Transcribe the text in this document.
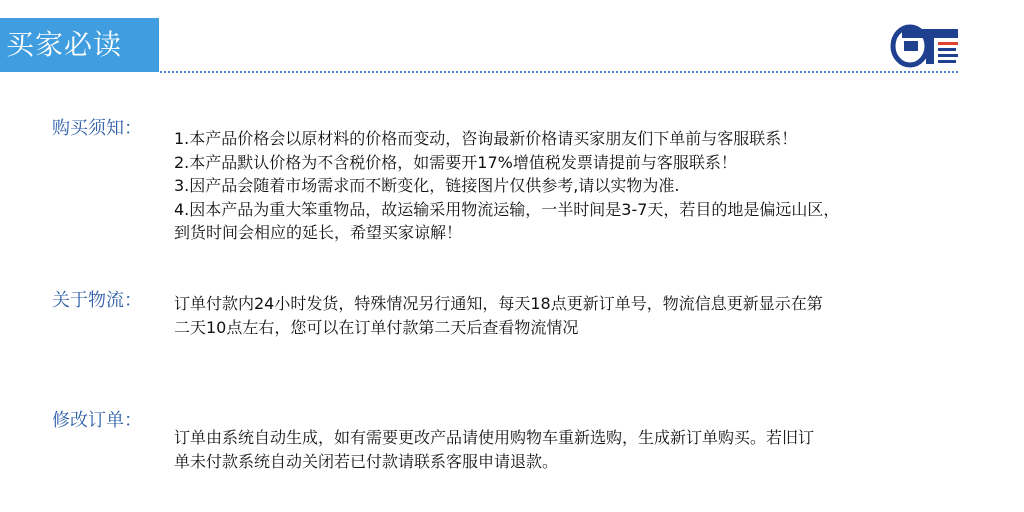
买家必读
购买须知： 1.本产品价格会以原材料的价格而变动，咨询最新价格请买家朋友们下单前与客服联系！

2.本产品默认价格为不含税价格，如需要开17%增值税发票请提前与客服联系！

3.因产品会随着市场需求而不断变化，链接图片仅供参考,请以实物为准.

4.因本产品为重大笨重物品，故运输采用物流运输，一半时间是3-7天，若目的地是偏远山区，

到货时间会相应的延长，希望买家谅解！

关于物流： 订单付款内24小时发货，特殊情况另行通知，每天18点更新订单号，物流信息更新显示在第

二天10点左右，您可以在订单付款第二天后查看物流情况

修改订单：

订单由系统自动生成，如有需要更改产品请使用购物车重新选购，生成新订单购买。若旧订

单未付款系统自动关闭若已付款请联系客服申请退款。
